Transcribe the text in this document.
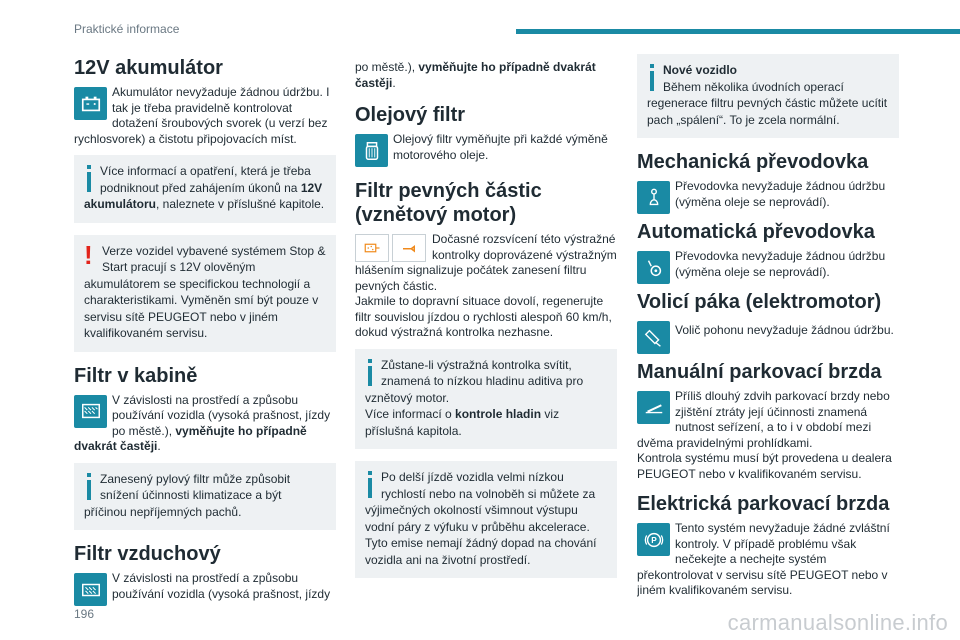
Praktické informace
12V akumulátor

Akumulátor nevyžaduje žádnou údržbu. I tak je třeba pravidelně kontrolovat dotažení šroubových svorek (u verzí bez rychlosvorek) a čistotu připojovacích míst.

Více informací a opatření, která je třeba podniknout před zahájením úkonů na 12V akumulátoru, naleznete v příslušné kapitole.

! Verze vozidel vybavené systémem Stop & Start pracují s 12V olověným akumulátorem se specifickou technologií a charakteristikami. Vyměněn smí být pouze v servisu sítě PEUGEOT nebo v jiném kvalifikovaném servisu.

Filtr v kabině

V závislosti na prostředí a způsobu používání vozidla (vysoká prašnost, jízdy po městě.), vyměňujte ho případně dvakrát častěji.

Zanesený pylový filtr může způsobit snížení účinnosti klimatizace a být příčinou nepříjemných pachů.

Filtr vzduchový

V závislosti na prostředí a způsobu používání vozidla (vysoká prašnost, jízdy

po městě.), vyměňujte ho případně dvakrát častěji.

Olejový filtr

Olejový filtr vyměňujte při každé výměně motorového oleje.

Filtr pevných částic (vznětový motor)

Dočasné rozsvícení této výstražné kontrolky doprovázené výstražným hlášením signalizuje počátek zanesení filtru pevných částic.

Jakmile to dopravní situace dovolí, regenerujte filtr souvislou jízdou o rychlosti alespoň 60 km/h, dokud výstražná kontrolka nezhasne.

Zůstane-li výstražná kontrolka svítit, znamená to nízkou hladinu aditiva pro vznětový motor.
Více informací o kontrole hladin viz příslušná kapitola.

Po delší jízdě vozidla velmi nízkou rychlostí nebo na volnoběh si můžete za výjimečných okolností všimnout výstupu vodní páry z výfuku v průběhu akcelerace. Tyto emise nemají žádný dopad na chování vozidla ani na životní prostředí.

Nové vozidlo
Během několika úvodních operací regenerace filtru pevných částic můžete ucítit pach „spálení“. To je zcela normální.

Mechanická převodovka

Převodovka nevyžaduje žádnou údržbu (výměna oleje se neprovádí).

Automatická převodovka

Převodovka nevyžaduje žádnou údržbu (výměna oleje se neprovádí).

Volicí páka (elektromotor)

Volič pohonu nevyžaduje žádnou údržbu.

Manuální parkovací brzda

Příliš dlouhý zdvih parkovací brzdy nebo zjištění ztráty její účinnosti znamená nutnost seřízení, a to i v období mezi dvěma pravidelnými prohlídkami.

Kontrola systému musí být provedena u dealera PEUGEOT nebo v kvalifikovaném servisu.

Elektrická parkovací brzda
P

Tento systém nevyžaduje žádné zvláštní kontroly. V případě problému však nečekejte a nechejte systém překontrolovat v servisu sítě PEUGEOT nebo v jiném kvalifikovaném servisu.

196	carmanualsonline.info
